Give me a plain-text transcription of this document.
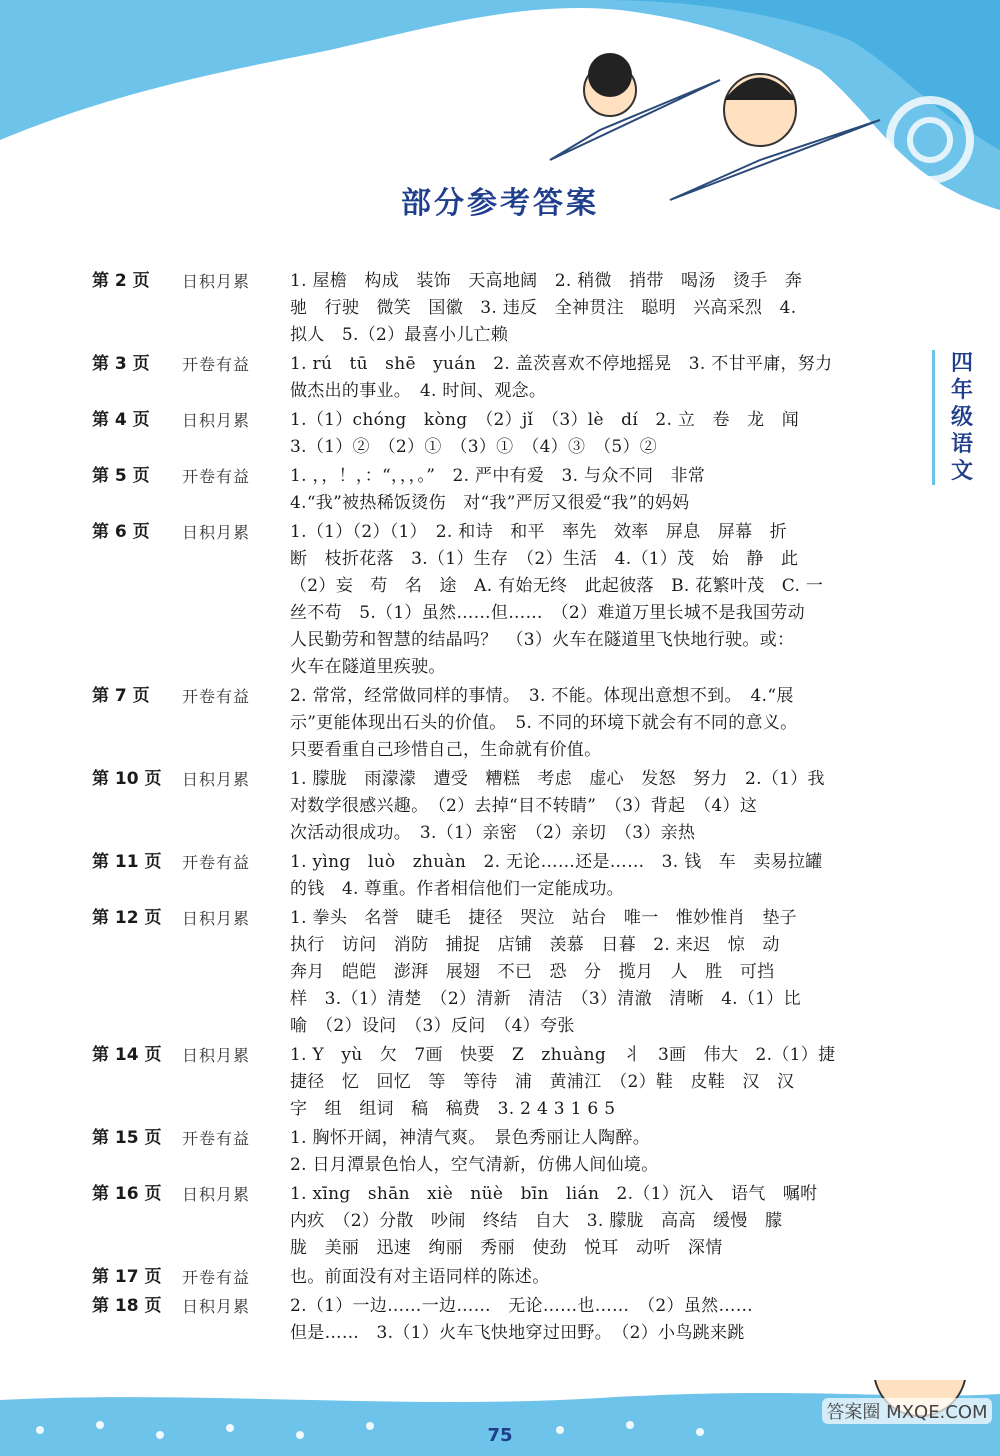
部分参考答案
四
年
级
语
文
第 2 页	日积月累	1. 屋檐　构成　装饰　天高地阔　2. 稍微　捎带　喝汤　烫手　奔
驰　行驶　微笑　国徽　3. 违反　全神贯注　聪明　兴高采烈　4.
拟人　5.（2）最喜小儿亡赖
第 3 页	开卷有益	1. rú　tū　shē　yuán　2. 盖茨喜欢不停地摇晃　3. 不甘平庸，努力
做杰出的事业。　4. 时间、观念。
第 4 页	日积月累	1.（1）chóng　kòng　（2）jǐ　（3）lè　dí　2. 立　卷　龙　闻
3.（1）②　（2）①　（3）①　（4）③　（5）②
第 5 页	开卷有益	1. ，，！，：“，，，。”　2. 严中有爱　3. 与众不同　非常
4.“我”被热稀饭烫伤　对“我”严厉又很爱“我”的妈妈
第 6 页	日积月累	1.（1）（2）（1）　2. 和诗　和平　率先　效率　屏息　屏幕　折
断　枝折花落　3.（1）生存　（2）生活　4.（1）茂　始　静　此
（2）妄　苟　名　途　A. 有始无终　此起彼落　B. 花繁叶茂　C. 一
丝不苟　5.（1）虽然……但……　（2）难道万里长城不是我国劳动
人民勤劳和智慧的结晶吗？　（3）火车在隧道里飞快地行驶。或：
火车在隧道里疾驶。
第 7 页	开卷有益	2. 常常，经常做同样的事情。　3. 不能。体现出意想不到。　4.“展
示”更能体现出石头的价值。　5. 不同的环境下就会有不同的意义。
只要看重自己珍惜自己，生命就有价值。
第 10 页	日积月累	1. 朦胧　雨濛濛　遭受　糟糕　考虑　虚心　发怒　努力　2.（1）我
对数学很感兴趣。　（2）去掉“目不转睛”　（3）背起　（4）这
次活动很成功。　3.（1）亲密　（2）亲切　（3）亲热
第 11 页	开卷有益	1. yìng　luò　zhuàn　2. 无论……还是……　3. 钱　车　卖易拉罐
的钱　4. 尊重。作者相信他们一定能成功。
第 12 页	日积月累	1. 拳头　名誉　睫毛　捷径　哭泣　站台　唯一　惟妙惟肖　垫子
执行　访问　消防　捕捉　店铺　羡慕　日暮　2. 来迟　惊　动
奔月　皑皑　澎湃　展翅　不已　恐　分　揽月　人　胜　可挡
样　3.（1）清楚　（2）清新　清洁　（3）清澈　清晰　4.（1）比
喻　（2）设问　（3）反问　（4）夸张
第 14 页	日积月累	1. Y　yù　欠　7画　快要　Z　zhuàng　丬　3画　伟大　2.（1）捷
捷径　忆　回忆　等　等待　浦　黄浦江　（2）鞋　皮鞋　汉　汉
字　组　组词　稿　稿费　3. 2 4 3 1 6 5
第 15 页	开卷有益	1. 胸怀开阔，神清气爽。　景色秀丽让人陶醉。
2. 日月潭景色怡人，空气清新，仿佛人间仙境。
第 16 页	日积月累	1. xīng　shān　xiè　nüè　bīn　lián　2.（1）沉入　语气　嘱咐
内疚　（2）分散　吵闹　终结　自大　3. 朦胧　高高　缓慢　朦
胧　美丽　迅速　绚丽　秀丽　使劲　悦耳　动听　深情
第 17 页	开卷有益	也。前面没有对主语同样的陈述。
第 18 页	日积月累	2.（1）一边……一边……　无论……也……　（2）虽然……
但是……　3.（1）火车飞快地穿过田野。　（2）小鸟跳来跳
75
答案圈 MXQE.COM
